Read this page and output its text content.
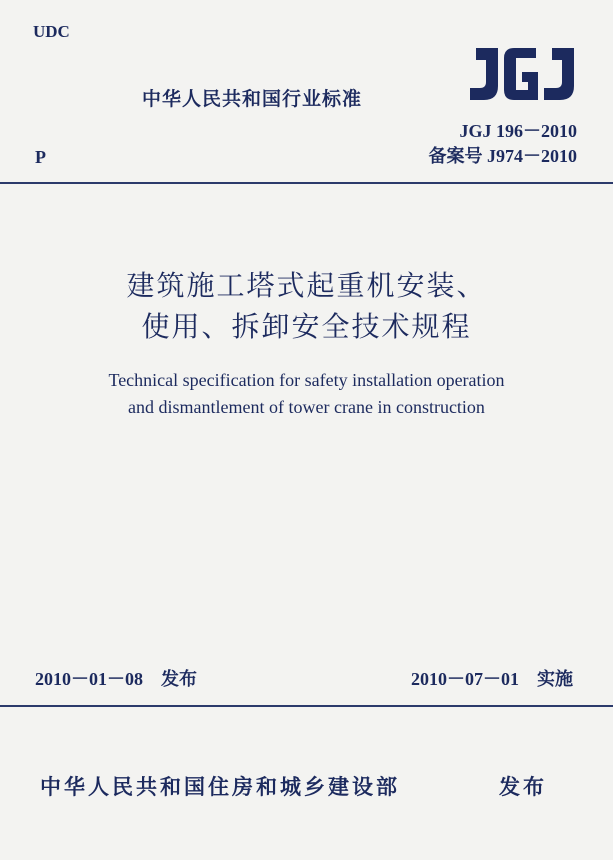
UDC
中华人民共和国行业标准
JGJ 196－2010
备案号 J974－2010
P
建筑施工塔式起重机安装、
使用、拆卸安全技术规程
Technical specification for safety installation operation
and dismantlement of tower crane in construction
2010－01－08 发布	2010－07－01 实施
中华人民共和国住房和城乡建设部	发布
